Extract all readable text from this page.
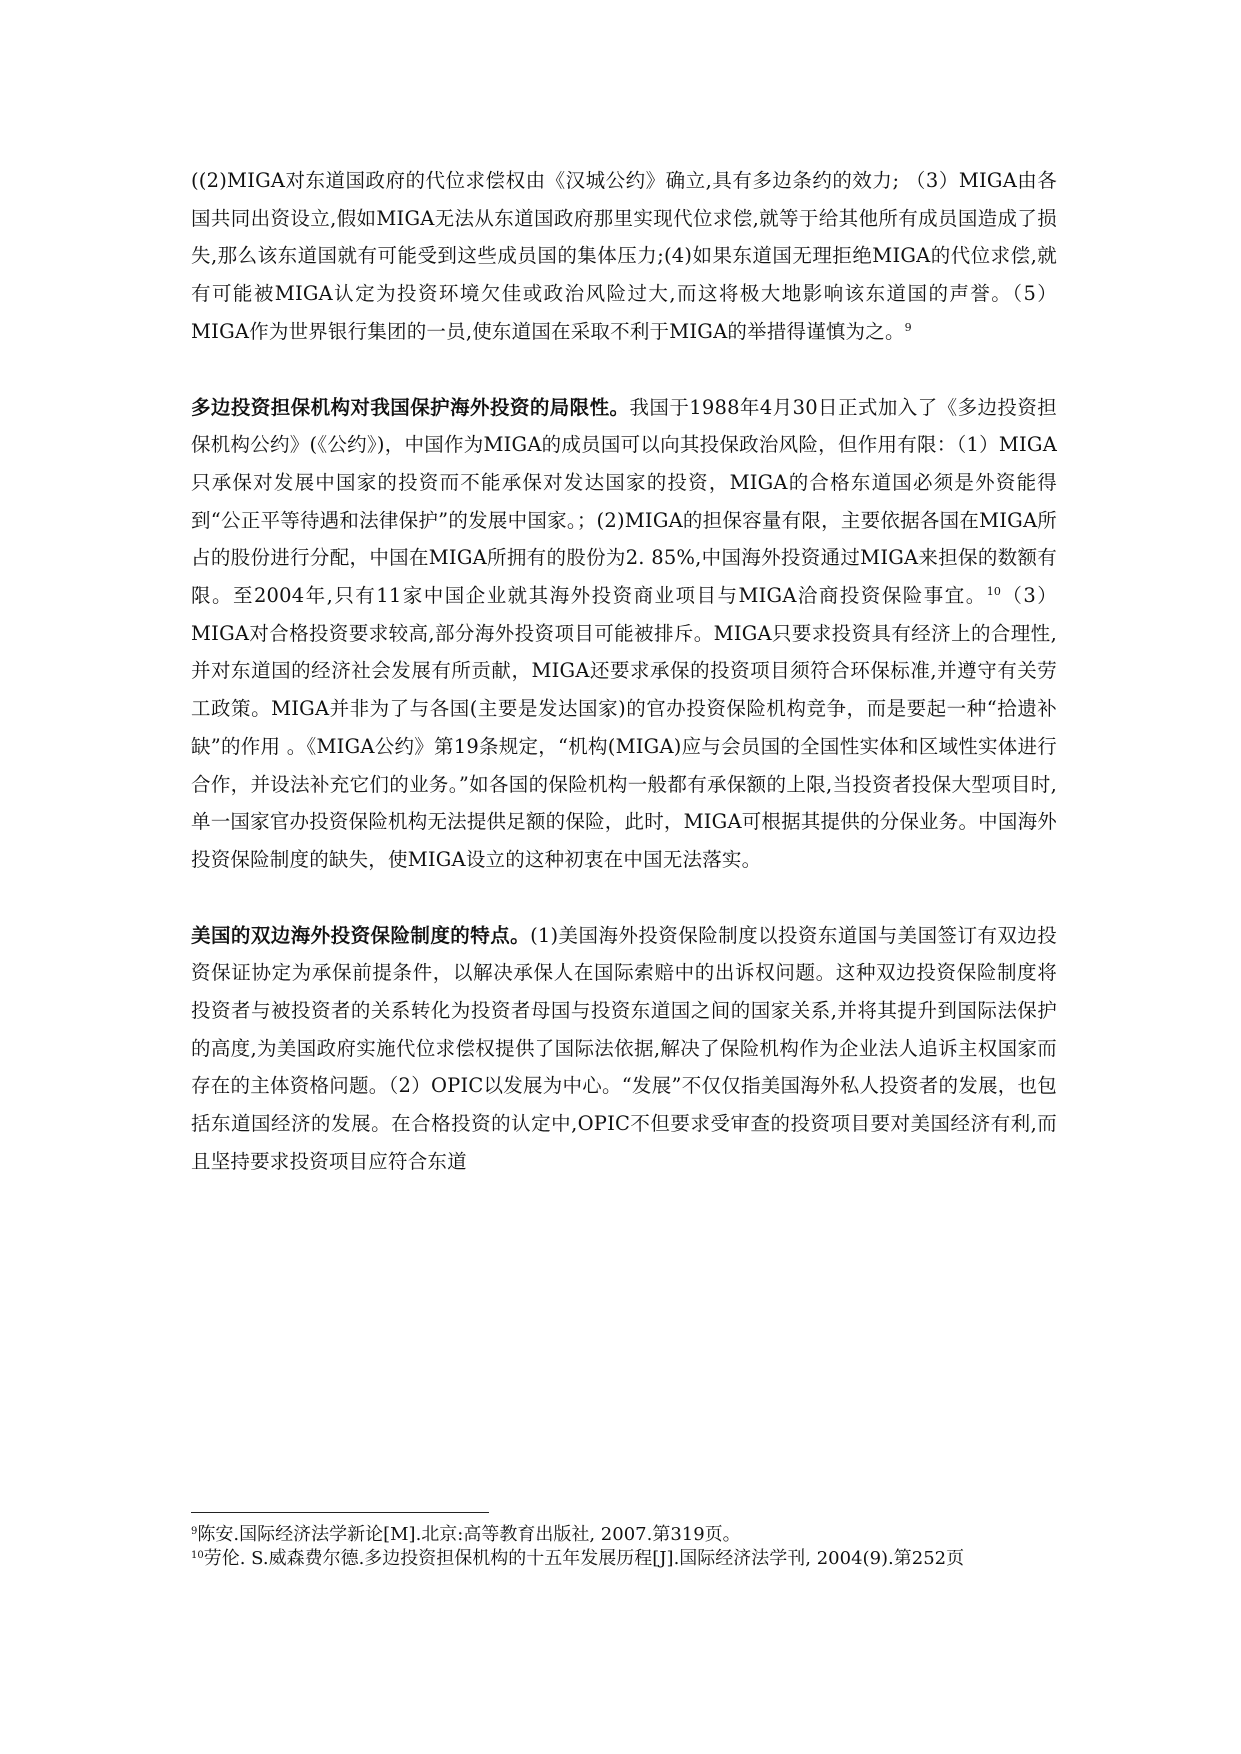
((2)MIGA对东道国政府的代位求偿权由《汉城公约》确立,具有多边条约的效力; （3）MIGA由各国共同出资设立,假如MIGA无法从东道国政府那里实现代位求偿,就等于给其他所有成员国造成了损失,那么该东道国就有可能受到这些成员国的集体压力;(4)如果东道国无理拒绝MIGA的代位求偿,就有可能被MIGA认定为投资环境欠佳或政治风险过大,而这将极大地影响该东道国的声誉。（5）MIGA作为世界银行集团的一员,使东道国在采取不利于MIGA的举措得谨慎为之。$^9$

多边投资担保机构对我国保护海外投资的局限性。我国于1988年4月30日正式加入了《多边投资担保机构公约》(《公约》)，中国作为MIGA的成员国可以向其投保政治风险，但作用有限：（1）MIGA只承保对发展中国家的投资而不能承保对发达国家的投资，MIGA的合格东道国必须是外资能得到“公正平等待遇和法律保护”的发展中国家。；(2)MIGA的担保容量有限，主要依据各国在MIGA所占的股份进行分配，中国在MIGA所拥有的股份为2. 85%,中国海外投资通过MIGA来担保的数额有限。至2004年,只有11家中国企业就其海外投资商业项目与MIGA洽商投资保险事宜。$^{10}$（3）MIGA对合格投资要求较高,部分海外投资项目可能被排斥。MIGA只要求投资具有经济上的合理性,并对东道国的经济社会发展有所贡献，MIGA还要求承保的投资项目须符合环保标准,并遵守有关劳工政策。MIGA并非为了与各国(主要是发达国家)的官办投资保险机构竞争，而是要起一种“拾遗补缺”的作用 。《MIGA公约》第19条规定，“机构(MIGA)应与会员国的全国性实体和区域性实体进行合作，并设法补充它们的业务。”如各国的保险机构一般都有承保额的上限,当投资者投保大型项目时,单一国家官办投资保险机构无法提供足额的保险，此时，MIGA可根据其提供的分保业务。中国海外投资保险制度的缺失，使MIGA设立的这种初衷在中国无法落实。

美国的双边海外投资保险制度的特点。(1)美国海外投资保险制度以投资东道国与美国签订有双边投资保证协定为承保前提条件，以解决承保人在国际索赔中的出诉权问题。这种双边投资保险制度将投资者与被投资者的关系转化为投资者母国与投资东道国之间的国家关系,并将其提升到国际法保护的高度,为美国政府实施代位求偿权提供了国际法依据,解决了保险机构作为企业法人追诉主权国家而存在的主体资格问题。（2）OPIC以发展为中心。“发展”不仅仅指美国海外私人投资者的发展，也包括东道国经济的发展。在合格投资的认定中,OPIC不但要求受审查的投资项目要对美国经济有利,而且坚持要求投资项目应符合东道

$^9$陈安.国际经济法学新论[M].北京:高等教育出版社, 2007.第319页。

$^{10}$劳伦. S.威森费尔德.多边投资担保机构的十五年发展历程[J].国际经济法学刊, 2004(9).第252页
